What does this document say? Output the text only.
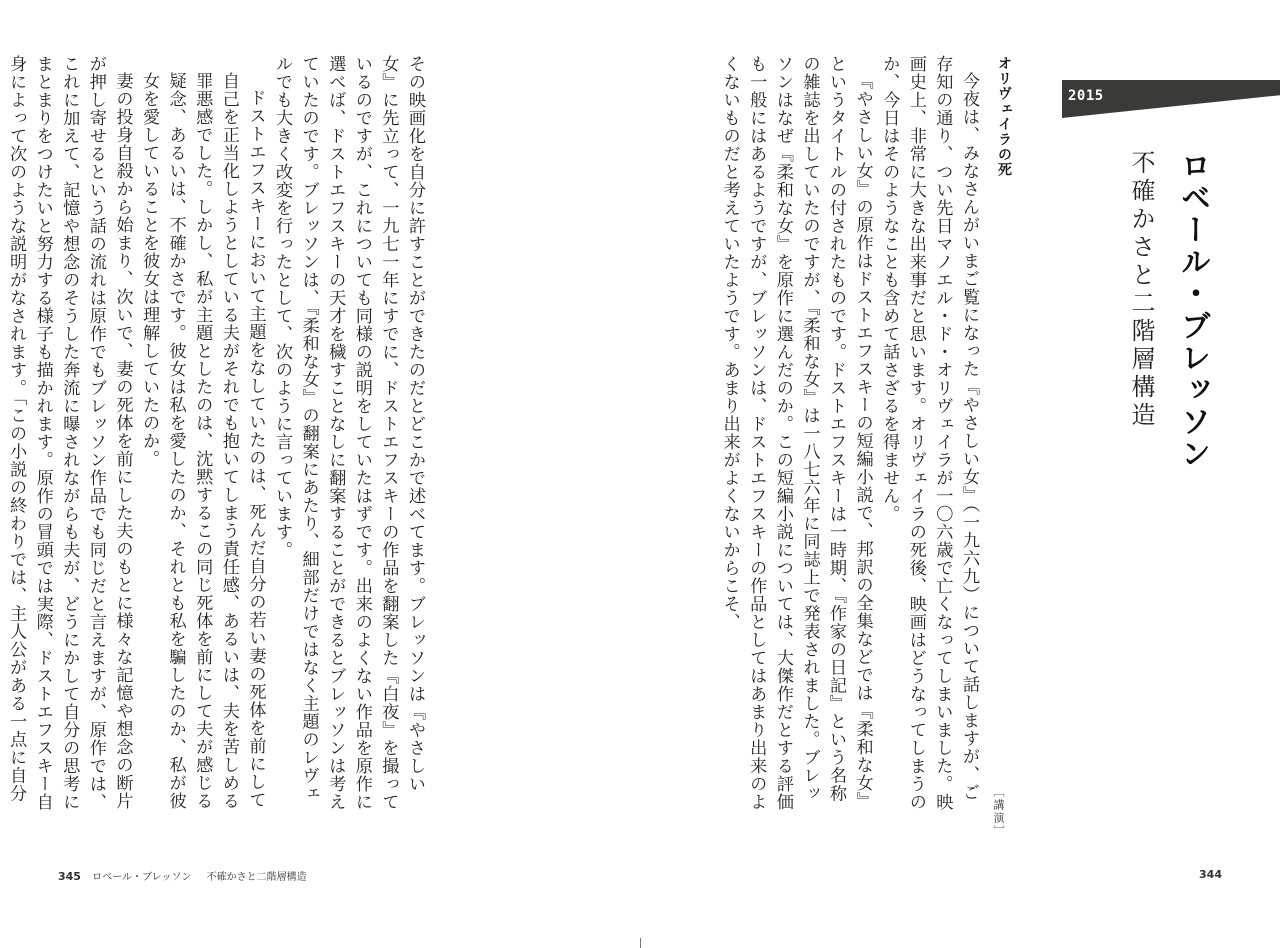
その映画化を自分に許すことができたのだとどこかで述べてます。ブレッソンは『やさしい女』に先立って、一九七一年にすでに、ドストエフスキーの作品を翻案した『白夜』を撮っているのですが、これについても同様の説明をしていたはずです。出来のよくない作品を原作に選べば、ドストエフスキーの天才を穢すことなしに翻案することができるとブレッソンは考えていたのです。ブレッソンは、『柔和な女』の翻案にあたり、細部だけではなく主題のレヴェルでも大きく改変を行ったとして、次のように言っています。

ドストエフスキーにおいて主題をなしていたのは、死んだ自分の若い妻の死体を前にして自己を正当化しようとしている夫がそれでも抱いてしまう責任感、あるいは、夫を苦しめる罪悪感でした。しかし、私が主題としたのは、沈黙するこの同じ死体を前にして夫が感じる疑念、あるいは、不確かさです。彼女は私を愛したのか、それとも私を騙したのか、私が彼女を愛していることを彼女は理解していたのか。

妻の投身自殺から始まり、次いで、妻の死体を前にした夫のもとに様々な記憶や想念の断片が押し寄せるという話の流れは原作でもブレッソン作品でも同じだと言えますが、原作では、これに加えて、記憶や想念のそうした奔流に曝されながらも夫が、どうにかして自分の思考にまとまりをつけたいと努力する様子も描かれます。原作の冒頭では実際、ドストエフスキー自身によって次のような説明がなされます。「この小説の終わりでは、主人公がある一点に自分

345 ロベール・ブレッソン 不確かさと二階層構造

今夜は、みなさんがいまご覧になった『やさしい女』（一九六九）について話しますが、ご存知の通り、つい先日マノエル・ド・オリヴェイラが一〇六歳で亡くなってしまいました。映画史上、非常に大きな出来事だと思います。オリヴェイラの死後、映画はどうなってしまうのか、今日はそのようなことも含めて話さざるを得ません。

『やさしい女』の原作はドストエフスキーの短編小説で、邦訳の全集などでは『柔和な女』というタイトルの付されたものです。ドストエフスキーは一時期、『作家の日記』という名称の雑誌を出していたのですが、『柔和な女』は一八七六年に同誌上で発表されました。ブレッソンはなぜ『柔和な女』を原作に選んだのか。この短編小説については、大傑作だとする評価も一般にはあるようですが、ブレッソンは、ドストエフスキーの作品としてはあまり出来のよくないものだと考えていたようです。あまり出来がよくないからこそ、	オリヴェイラの死	2015
ロベール・ブレッソン
不確かさと二階層構造
［講演］
344
